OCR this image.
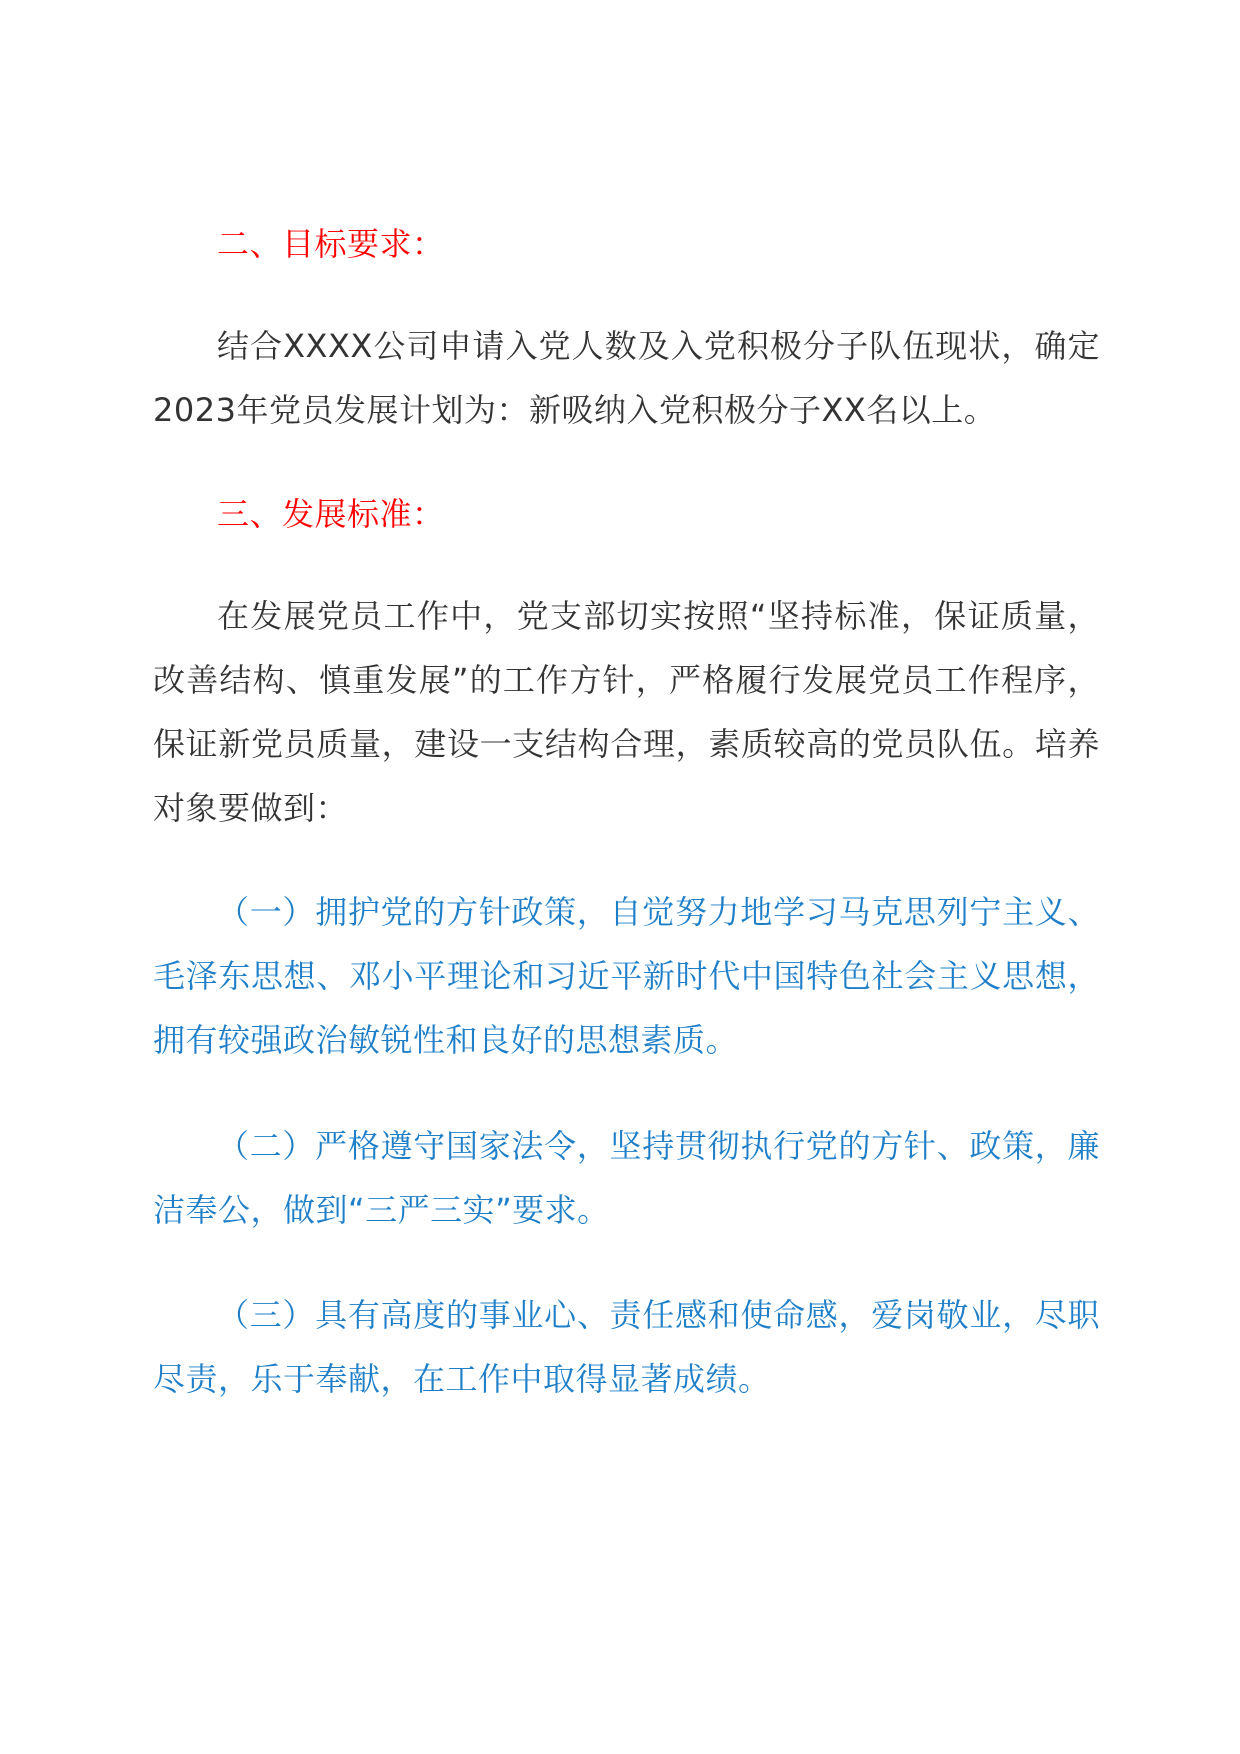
二、目标要求：

结合XXXX公司申请入党人数及入党积极分子队伍现状，确定2023年党员发展计划为：新吸纳入党积极分子XX名以上。

三、发展标准：

在发展党员工作中，党支部切实按照“坚持标准，保证质量，改善结构、慎重发展”的工作方针，严格履行发展党员工作程序，保证新党员质量，建设一支结构合理，素质较高的党员队伍。培养对象要做到：

（一）拥护党的方针政策，自觉努力地学习马克思列宁主义、毛泽东思想、邓小平理论和习近平新时代中国特色社会主义思想，拥有较强政治敏锐性和良好的思想素质。

（二）严格遵守国家法令，坚持贯彻执行党的方针、政策，廉洁奉公，做到“三严三实”要求。

（三）具有高度的事业心、责任感和使命感，爱岗敬业，尽职尽责，乐于奉献，在工作中取得显著成绩。
